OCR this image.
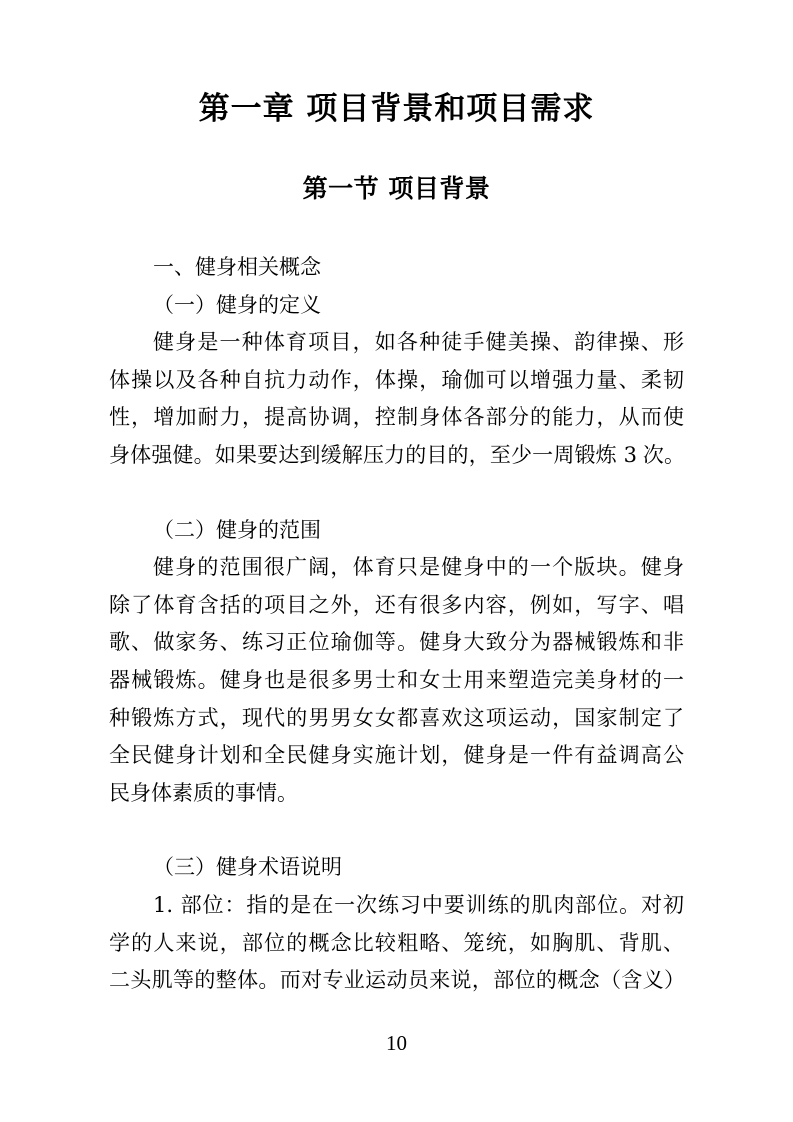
第一章 项目背景和项目需求
第一节 项目背景
一、健身相关概念
（一）健身的定义
健身是一种体育项目，如各种徒手健美操、韵律操、形
体操以及各种自抗力动作，体操，瑜伽可以增强力量、柔韧
性，增加耐力，提高协调，控制身体各部分的能力，从而使
身体强健。如果要达到缓解压力的目的，至少一周锻炼 3 次。
（二）健身的范围
健身的范围很广阔，体育只是健身中的一个版块。健身
除了体育含括的项目之外，还有很多内容，例如，写字、唱
歌、做家务、练习正位瑜伽等。健身大致分为器械锻炼和非
器械锻炼。健身也是很多男士和女士用来塑造完美身材的一
种锻炼方式，现代的男男女女都喜欢这项运动，国家制定了
全民健身计划和全民健身实施计划，健身是一件有益调高公
民身体素质的事情。
（三）健身术语说明
1. 部位：指的是在一次练习中要训练的肌肉部位。对初
学的人来说，部位的概念比较粗略、笼统，如胸肌、背肌、
二头肌等的整体。而对专业运动员来说，部位的概念（含义）
10
